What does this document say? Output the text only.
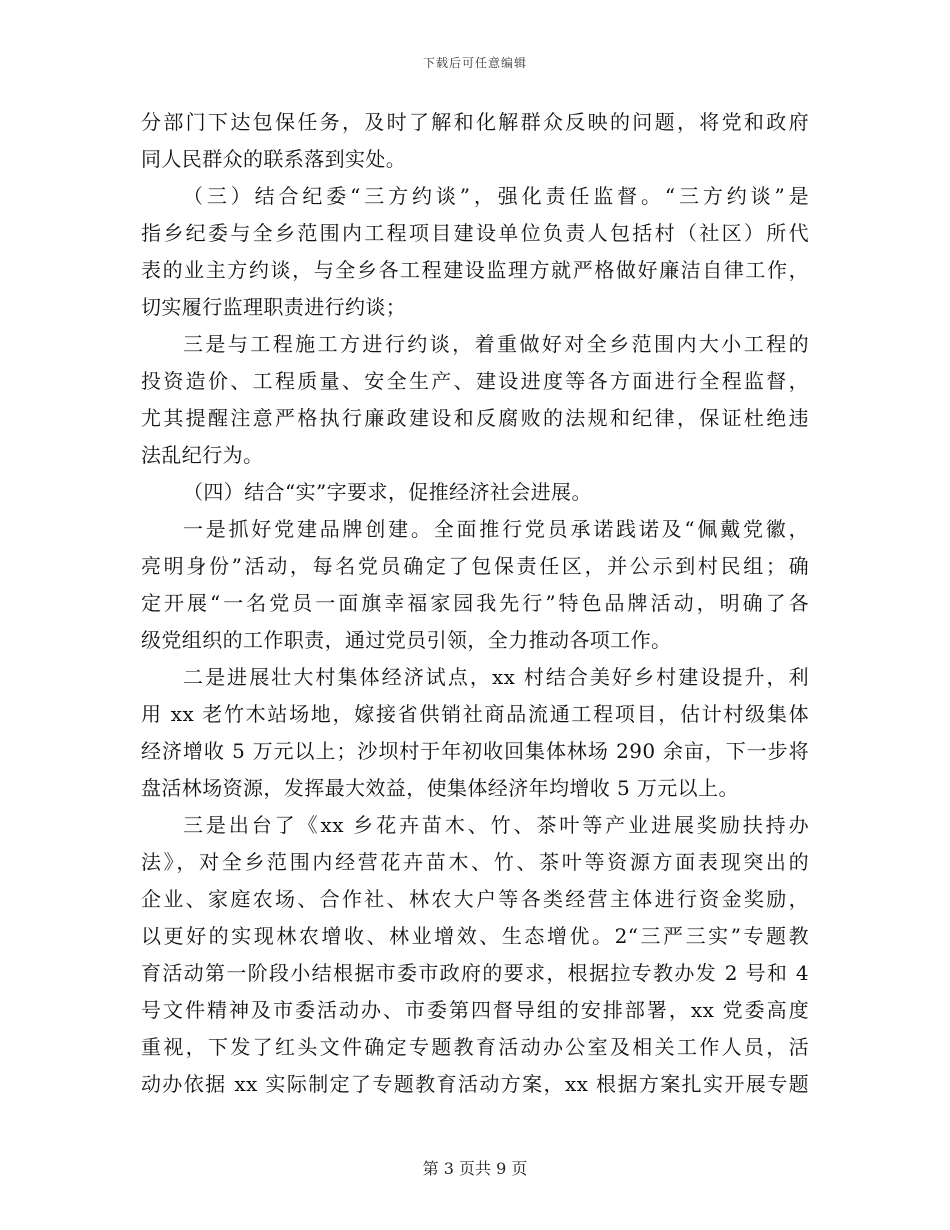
下载后可任意编辑
分部门下达包保任务，及时了解和化解群众反映的问题，将党和政府
同人民群众的联系落到实处。
（三）结合纪委“三方约谈”，强化责任监督。“三方约谈”是
指乡纪委与全乡范围内工程项目建设单位负责人包括村（社区）所代
表的业主方约谈，与全乡各工程建设监理方就严格做好廉洁自律工作，
切实履行监理职责进行约谈；
三是与工程施工方进行约谈，着重做好对全乡范围内大小工程的
投资造价、工程质量、安全生产、建设进度等各方面进行全程监督，
尤其提醒注意严格执行廉政建设和反腐败的法规和纪律，保证杜绝违
法乱纪行为。
（四）结合“实”字要求，促推经济社会进展。
一是抓好党建品牌创建。全面推行党员承诺践诺及“佩戴党徽，
亮明身份”活动，每名党员确定了包保责任区，并公示到村民组；确
定开展“一名党员一面旗幸福家园我先行”特色品牌活动，明确了各
级党组织的工作职责，通过党员引领，全力推动各项工作。
二是进展壮大村集体经济试点，xx 村结合美好乡村建设提升，利
用 xx 老竹木站场地，嫁接省供销社商品流通工程项目，估计村级集体
经济增收 5 万元以上；沙坝村于年初收回集体林场 290 余亩，下一步将
盘活林场资源，发挥最大效益，使集体经济年均增收 5 万元以上。
三是出台了《xx 乡花卉苗木、竹、茶叶等产业进展奖励扶持办
法》，对全乡范围内经营花卉苗木、竹、茶叶等资源方面表现突出的
企业、家庭农场、合作社、林农大户等各类经营主体进行资金奖励，
以更好的实现林农增收、林业增效、生态增优。2“三严三实”专题教
育活动第一阶段小结根据市委市政府的要求，根据拉专教办发 2 号和 4
号文件精神及市委活动办、市委第四督导组的安排部署，xx 党委高度
重视，下发了红头文件确定专题教育活动办公室及相关工作人员，活
动办依据 xx 实际制定了专题教育活动方案，xx 根据方案扎实开展专题
第 3 页共 9 页
